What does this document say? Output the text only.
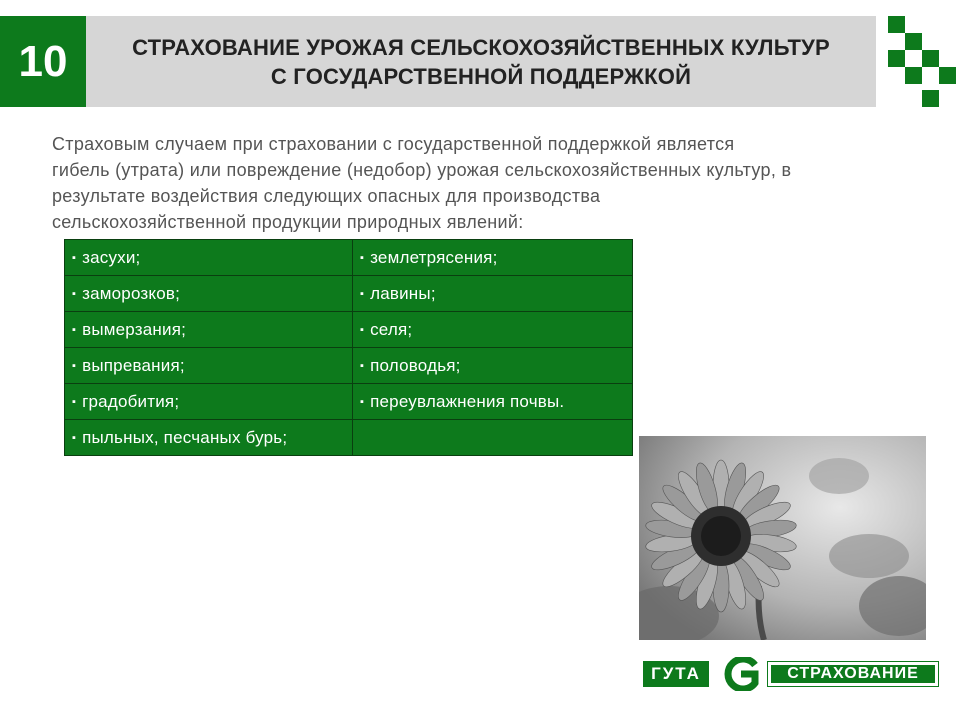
10	СТРАХОВАНИЕ УРОЖАЯ СЕЛЬСКОХОЗЯЙСТВЕННЫХ КУЛЬТУР
С ГОСУДАРСТВЕННОЙ ПОДДЕРЖКОЙ
Страховым случаем при страховании с государственной поддержкой является
гибель (утрата) или повреждение (недобор) урожая сельскохозяйственных культур, в
результате воздействия следующих опасных для производства
сельскохозяйственной продукции природных явлений:
▪ засухи;	▪ землетрясения;
▪ заморозков;	▪ лавины;
▪ вымерзания;	▪ селя;
▪ выпревания;	▪ половодья;
▪ градобития;	▪ переувлажнения почвы.
▪ пыльных, песчаных бурь;	
ГУТА	СТРАХОВАНИЕ
